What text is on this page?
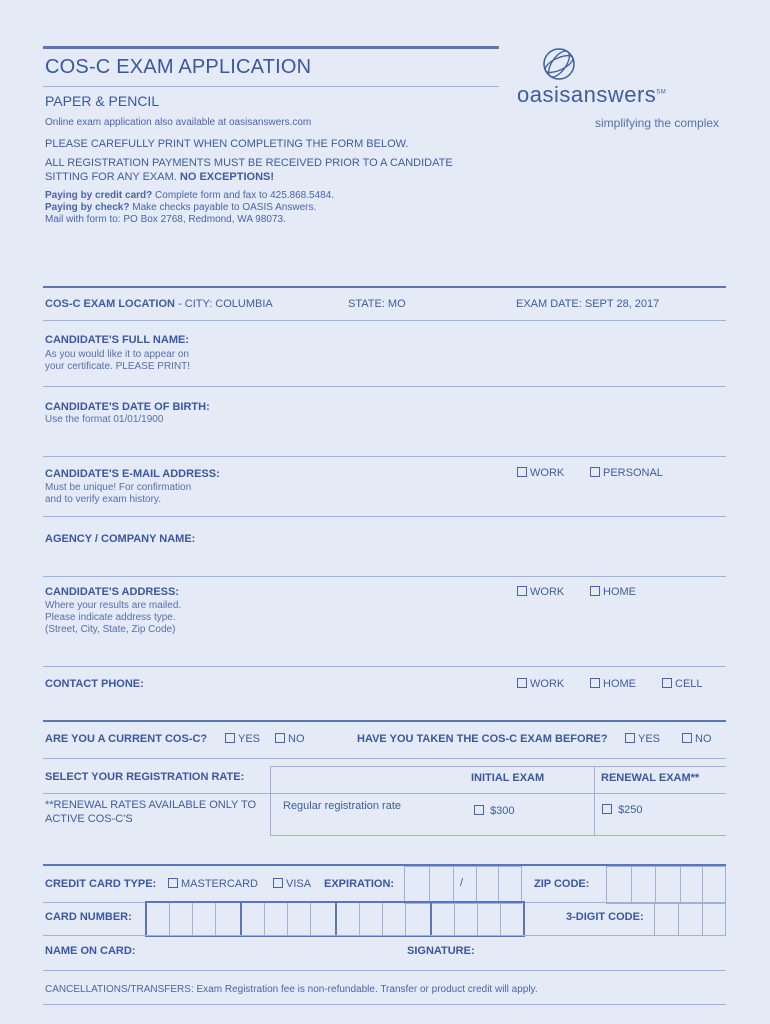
COS-C EXAM APPLICATION
PAPER & PENCIL
Online exam application also available at oasisanswers.com
PLEASE CAREFULLY PRINT WHEN COMPLETING THE FORM BELOW.
ALL REGISTRATION PAYMENTS MUST BE RECEIVED PRIOR TO A CANDIDATE
SITTING FOR ANY EXAM. NO EXCEPTIONS!
Paying by credit card? Complete form and fax to 425.868.5484.
Paying by check? Make checks payable to OASIS Answers.
Mail with form to: PO Box 2768, Redmond, WA 98073.
oasisanswers℠
simplifying the complex
COS-C EXAM LOCATION - CITY: COLUMBIA	STATE: MO	EXAM DATE: SEPT 28, 2017
CANDIDATE'S FULL NAME:
As you would like it to appear on
your certificate. PLEASE PRINT!
CANDIDATE'S DATE OF BIRTH:
Use the format 01/01/1900
CANDIDATE'S E-MAIL ADDRESS:
Must be unique! For confirmation
and to verify exam history.
WORK	PERSONAL
AGENCY / COMPANY NAME:
CANDIDATE'S ADDRESS:
Where your results are mailed.
Please indicate address type.
(Street, City, State, Zip Code)
WORK	HOME
CONTACT PHONE:	WORK	HOME	CELL
ARE YOU A CURRENT COS-C?	YES	NO	HAVE YOU TAKEN THE COS-C EXAM BEFORE?	YES	NO
SELECT YOUR REGISTRATION RATE:	INITIAL EXAM	RENEWAL EXAM**
**RENEWAL RATES AVAILABLE ONLY TO
ACTIVE COS-C'S
Regular registration rate	$300	$250
CREDIT CARD TYPE:	MASTERCARD	VISA EXPIRATION:	/	ZIP CODE:
CARD NUMBER:	3-DIGIT CODE:
NAME ON CARD:	SIGNATURE:
CANCELLATIONS/TRANSFERS: Exam Registration fee is non-refundable. Transfer or product credit will apply.
